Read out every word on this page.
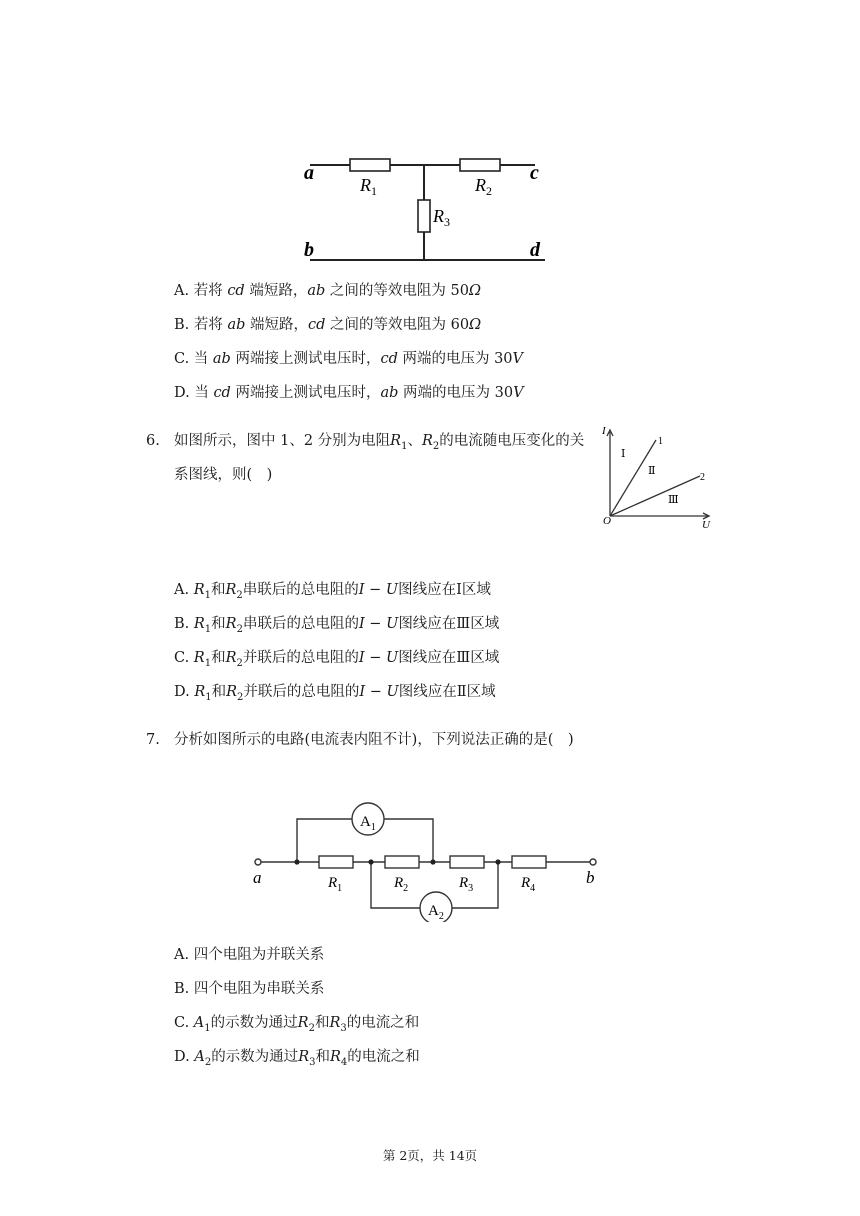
a
b
c
d
$R_1$	$R_2$
$R_3$
A. 若将 cd 端短路，ab 之间的等效电阻为 50Ω
B. 若将 ab 端短路，cd 之间的等效电阻为 60Ω
C. 当 ab 两端接上测试电压时，cd 两端的电压为 30V
D. 当 cd 两端接上测试电压时，ab 两端的电压为 30V
6. 如图所示，图中 1、2 分别为电阻$R_1$、$R_2$的电流随电压变化的关
系图线，则(　)
I
U
O
1
2
Ⅰ
Ⅱ
Ⅲ
A. $R_1$和$R_2$串联后的总电阻的I − U图线应在Ⅰ区域
B. $R_1$和$R_2$串联后的总电阻的I − U图线应在Ⅲ区域
C. $R_1$和$R_2$并联后的总电阻的I − U图线应在Ⅲ区域
D. $R_1$和$R_2$并联后的总电阻的I − U图线应在Ⅱ区域
7. 分析如图所示的电路(电流表内阻不计)，下列说法正确的是(　)
$A_1$
$A_2$
$R_1$	$R_2$	$R_3$	$R_4$
a	b
A. 四个电阻为并联关系
B. 四个电阻为串联关系
C. $A_1$的示数为通过$R_2$和$R_3$的电流之和
D. $A_2$的示数为通过$R_3$和$R_4$的电流之和
第 2页，共 14页
